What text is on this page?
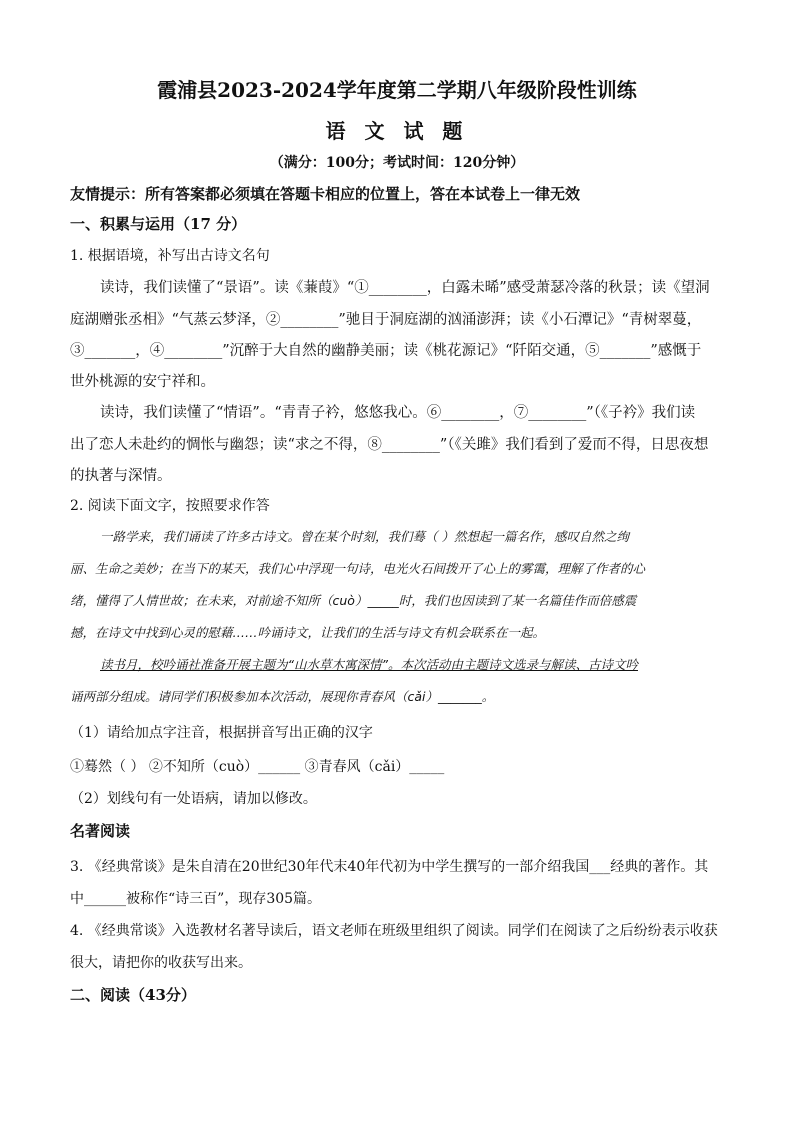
霞浦县2023-2024学年度第二学期八年级阶段性训练
语 文 试 题
（满分：100分；考试时间：120分钟）
友情提示：所有答案都必须填在答题卡相应的位置上，答在本试卷上一律无效
一、积累与运用（17 分）
1. 根据语境，补写出古诗文名句
读诗，我们读懂了“景语”。读《蒹葭》“①________，白露未晞”感受萧瑟冷落的秋景；读《望洞
庭湖赠张丞相》“气蒸云梦泽，②________”驰目于洞庭湖的汹涌澎湃；读《小石潭记》“青树翠蔓，
③_______，④________”沉醉于大自然的幽静美丽；读《桃花源记》“阡陌交通，⑤_______”感慨于
世外桃源的安宁祥和。
读诗，我们读懂了“情语”。“青青子衿，悠悠我心。⑥________，⑦________”（《子衿》我们读
出了恋人未赴约的惆怅与幽怨；读“求之不得，⑧________”（《关雎》我们看到了爱而不得，日思夜想
的执著与深情。
2. 阅读下面文字，按照要求作答
一路学来，我们诵读了许多古诗文。曾在某个时刻，我们蓦（ ）然想起一篇名作，感叹自然之绚
丽、生命之美妙；在当下的某天，我们心中浮现一句诗，电光火石间拨开了心上的雾霭，理解了作者的心
绪，懂得了人情世故；在未来，对前途不知所（cuò）_____时，我们也因读到了某一名篇佳作而倍感震
撼，在诗文中找到心灵的慰藉……吟诵诗文，让我们的生活与诗文有机会联系在一起。
读书月，校吟诵社准备开展主题为“山水草木寓深情”。本次活动由主题诗文选录与解读、古诗文吟
诵两部分组成。请同学们积极参加本次活动，展现你青春风（cǎi）_______。
（1）请给加点字注音，根据拼音写出正确的汉字
①蓦然（ ） ②不知所（cuò）______ ③青春风（cǎi）_____
（2）划线句有一处语病，请加以修改。
名著阅读
3. 《经典常谈》是朱自清在20世纪30年代末40年代初为中学生撰写的一部介绍我国___经典的著作。其
中______被称作“诗三百”，现存305篇。
4. 《经典常谈》入选教材名著导读后，语文老师在班级里组织了阅读。同学们在阅读了之后纷纷表示收获
很大，请把你的收获写出来。
二、阅读（43分）
